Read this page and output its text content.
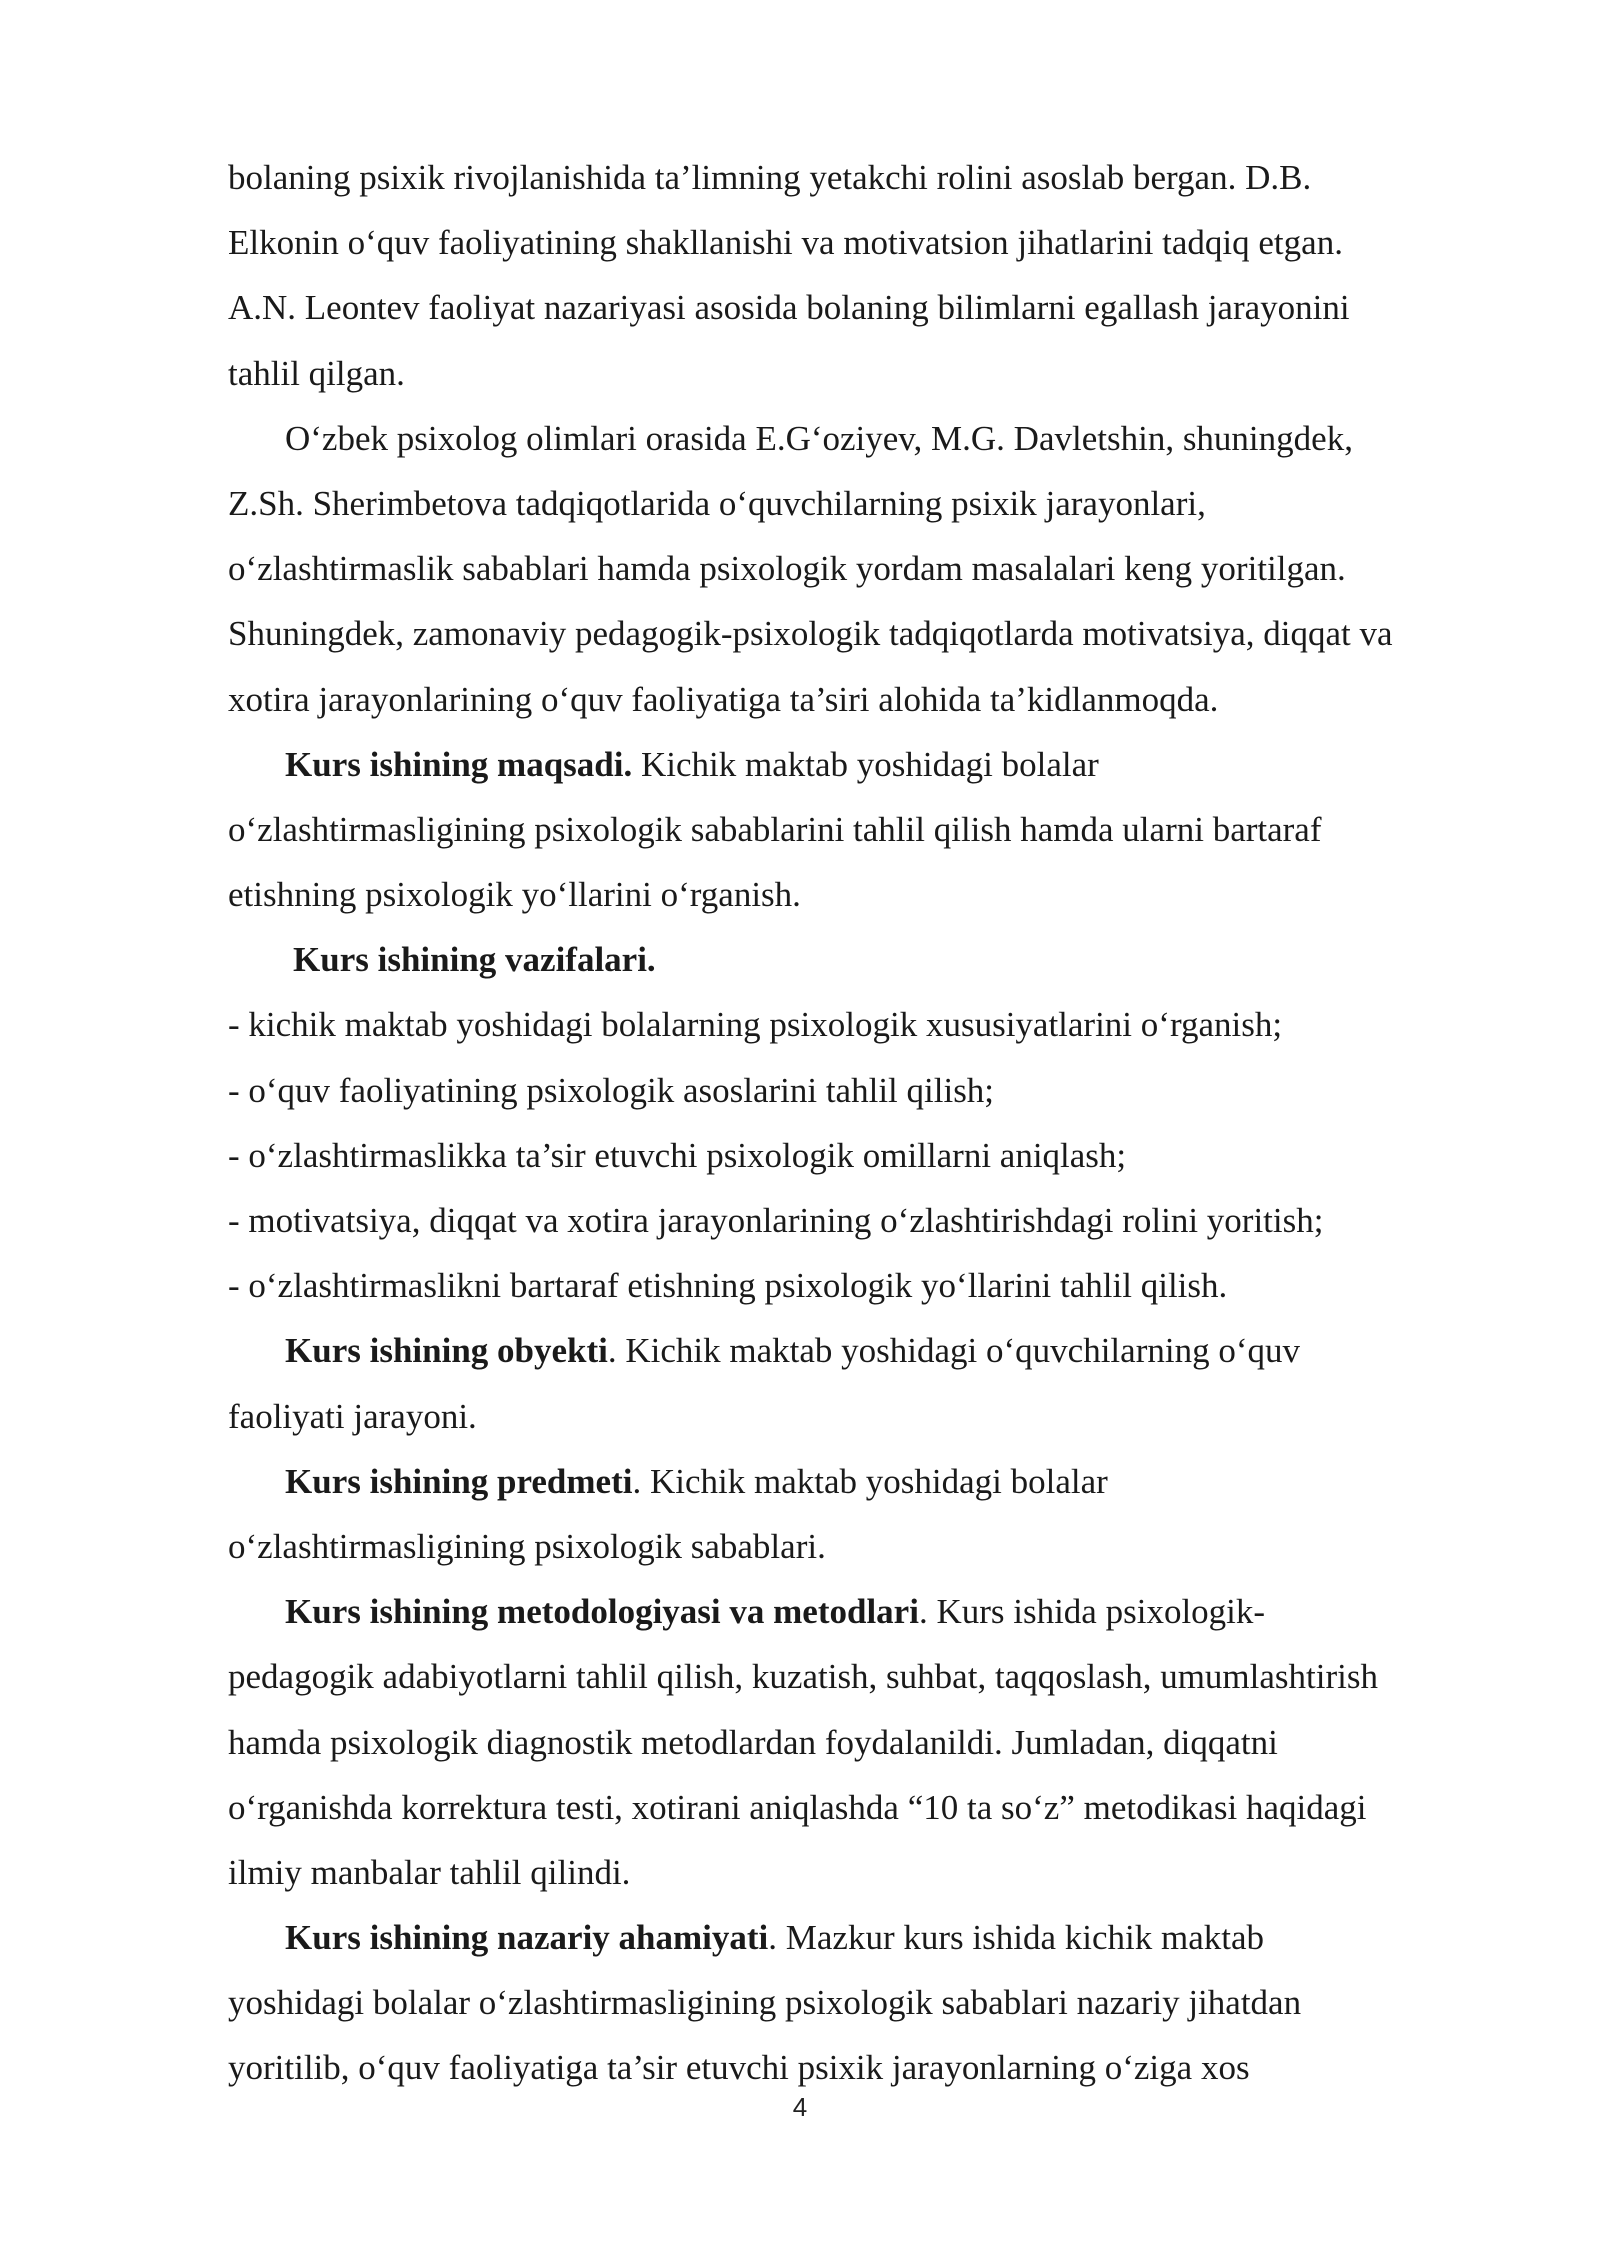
bolaning psixik rivojlanishida ta’limning yetakchi rolini asoslab bergan. D.B.
Elkonin o‘quv faoliyatining shakllanishi va motivatsion jihatlarini tadqiq etgan.
A.N. Leontev faoliyat nazariyasi asosida bolaning bilimlarni egallash jarayonini
tahlil qilgan.
O‘zbek psixolog olimlari orasida E.G‘oziyev, M.G. Davletshin, shuningdek,
Z.Sh. Sherimbetova tadqiqotlarida o‘quvchilarning psixik jarayonlari,
o‘zlashtirmaslik sabablari hamda psixologik yordam masalalari keng yoritilgan.
Shuningdek, zamonaviy pedagogik-psixologik tadqiqotlarda motivatsiya, diqqat va
xotira jarayonlarining o‘quv faoliyatiga ta’siri alohida ta’kidlanmoqda.
Kurs ishining maqsadi. Kichik maktab yoshidagi bolalar
o‘zlashtirmasligining psixologik sabablarini tahlil qilish hamda ularni bartaraf
etishning psixologik yo‘llarini o‘rganish.
Kurs ishining vazifalari.
- kichik maktab yoshidagi bolalarning psixologik xususiyatlarini o‘rganish;
- o‘quv faoliyatining psixologik asoslarini tahlil qilish;
- o‘zlashtirmaslikka ta’sir etuvchi psixologik omillarni aniqlash;
- motivatsiya, diqqat va xotira jarayonlarining o‘zlashtirishdagi rolini yoritish;
- o‘zlashtirmaslikni bartaraf etishning psixologik yo‘llarini tahlil qilish.
Kurs ishining obyekti. Kichik maktab yoshidagi o‘quvchilarning o‘quv
faoliyati jarayoni.
Kurs ishining predmeti. Kichik maktab yoshidagi bolalar
o‘zlashtirmasligining psixologik sabablari.
Kurs ishining metodologiyasi va metodlari. Kurs ishida psixologik-
pedagogik adabiyotlarni tahlil qilish, kuzatish, suhbat, taqqoslash, umumlashtirish
hamda psixologik diagnostik metodlardan foydalanildi. Jumladan, diqqatni
o‘rganishda korrektura testi, xotirani aniqlashda “10 ta so‘z” metodikasi haqidagi
ilmiy manbalar tahlil qilindi.
Kurs ishining nazariy ahamiyati. Mazkur kurs ishida kichik maktab
yoshidagi bolalar o‘zlashtirmasligining psixologik sabablari nazariy jihatdan
yoritilib, o‘quv faoliyatiga ta’sir etuvchi psixik jarayonlarning o‘ziga xos
4
